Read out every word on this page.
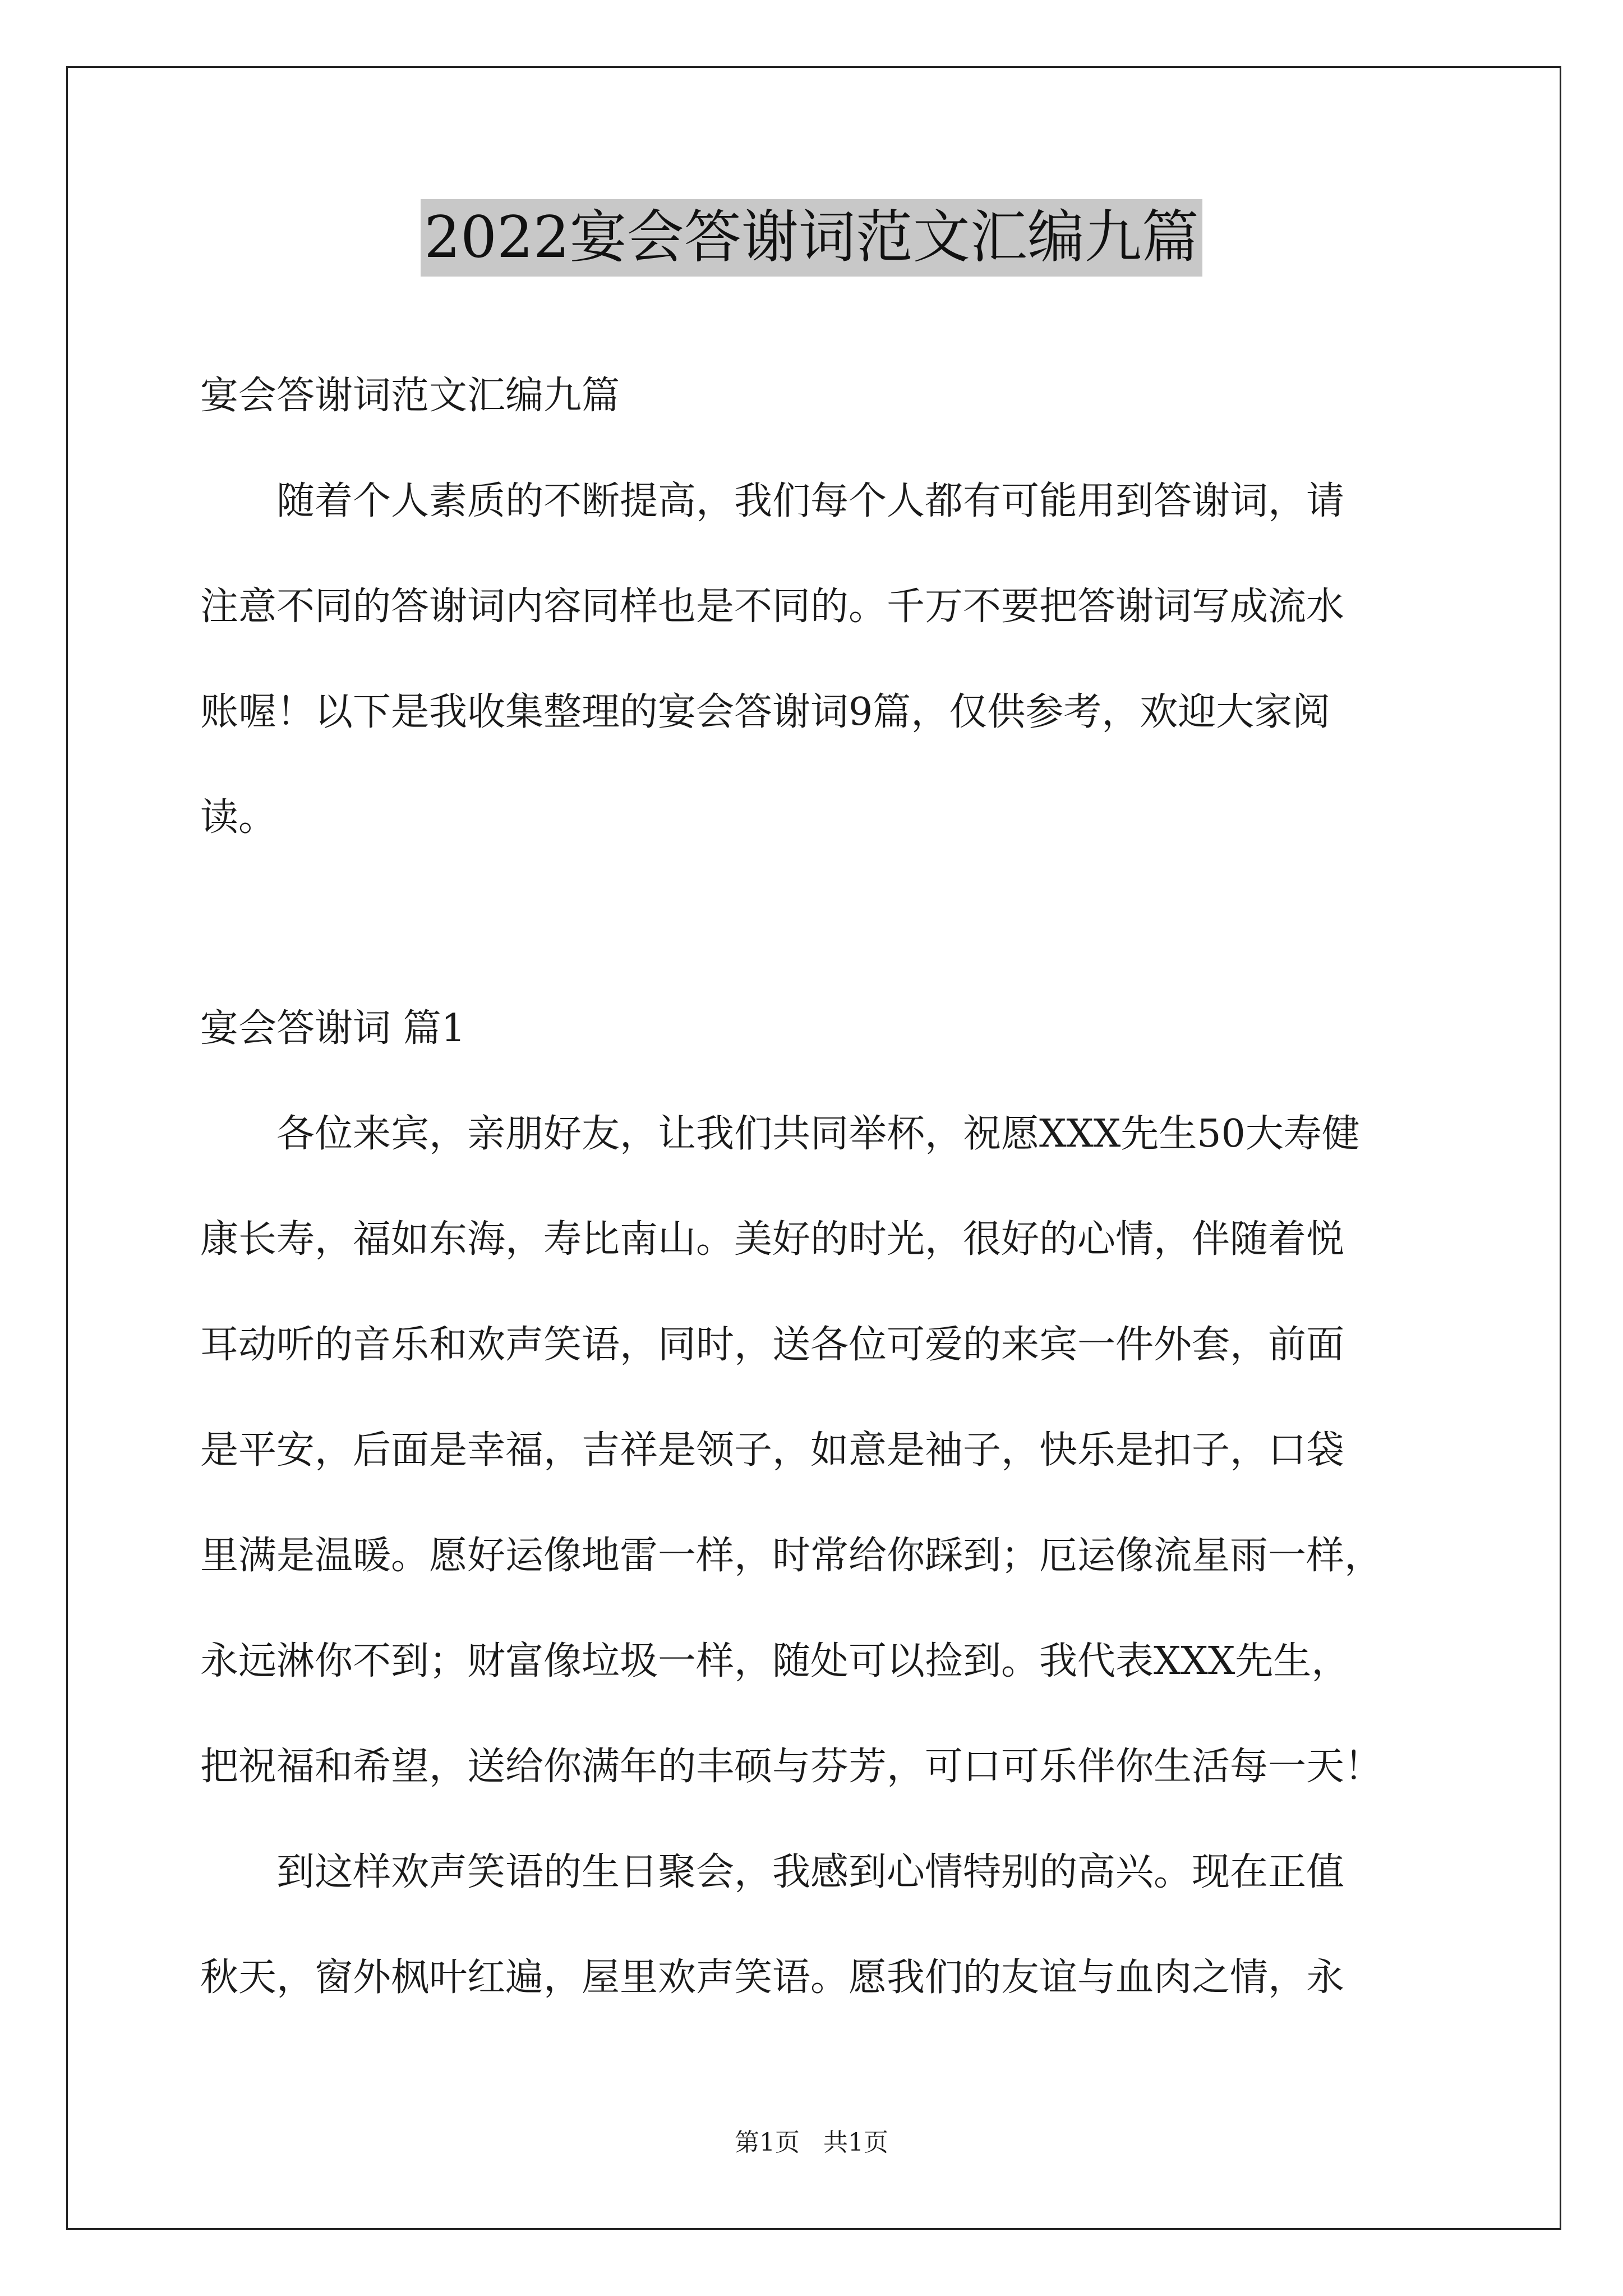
2022宴会答谢词范文汇编九篇

宴会答谢词范文汇编九篇

随着个人素质的不断提高，我们每个人都有可能用到答谢词，请

注意不同的答谢词内容同样也是不同的。千万不要把答谢词写成流水

账喔！以下是我收集整理的宴会答谢词9篇，仅供参考，欢迎大家阅

读。

宴会答谢词 篇1

各位来宾，亲朋好友，让我们共同举杯，祝愿XXX先生50大寿健

康长寿，福如东海，寿比南山。美好的时光，很好的心情，伴随着悦

耳动听的音乐和欢声笑语，同时，送各位可爱的来宾一件外套，前面

是平安，后面是幸福，吉祥是领子，如意是袖子，快乐是扣子，口袋

里满是温暖。愿好运像地雷一样，时常给你踩到；厄运像流星雨一样，

永远淋你不到；财富像垃圾一样，随处可以捡到。我代表XXX先生，

把祝福和希望，送给你满年的丰硕与芬芳，可口可乐伴你生活每一天！

到这样欢声笑语的生日聚会，我感到心情特别的高兴。现在正值

秋天，窗外枫叶红遍，屋里欢声笑语。愿我们的友谊与血肉之情，永

第1页 共1页
